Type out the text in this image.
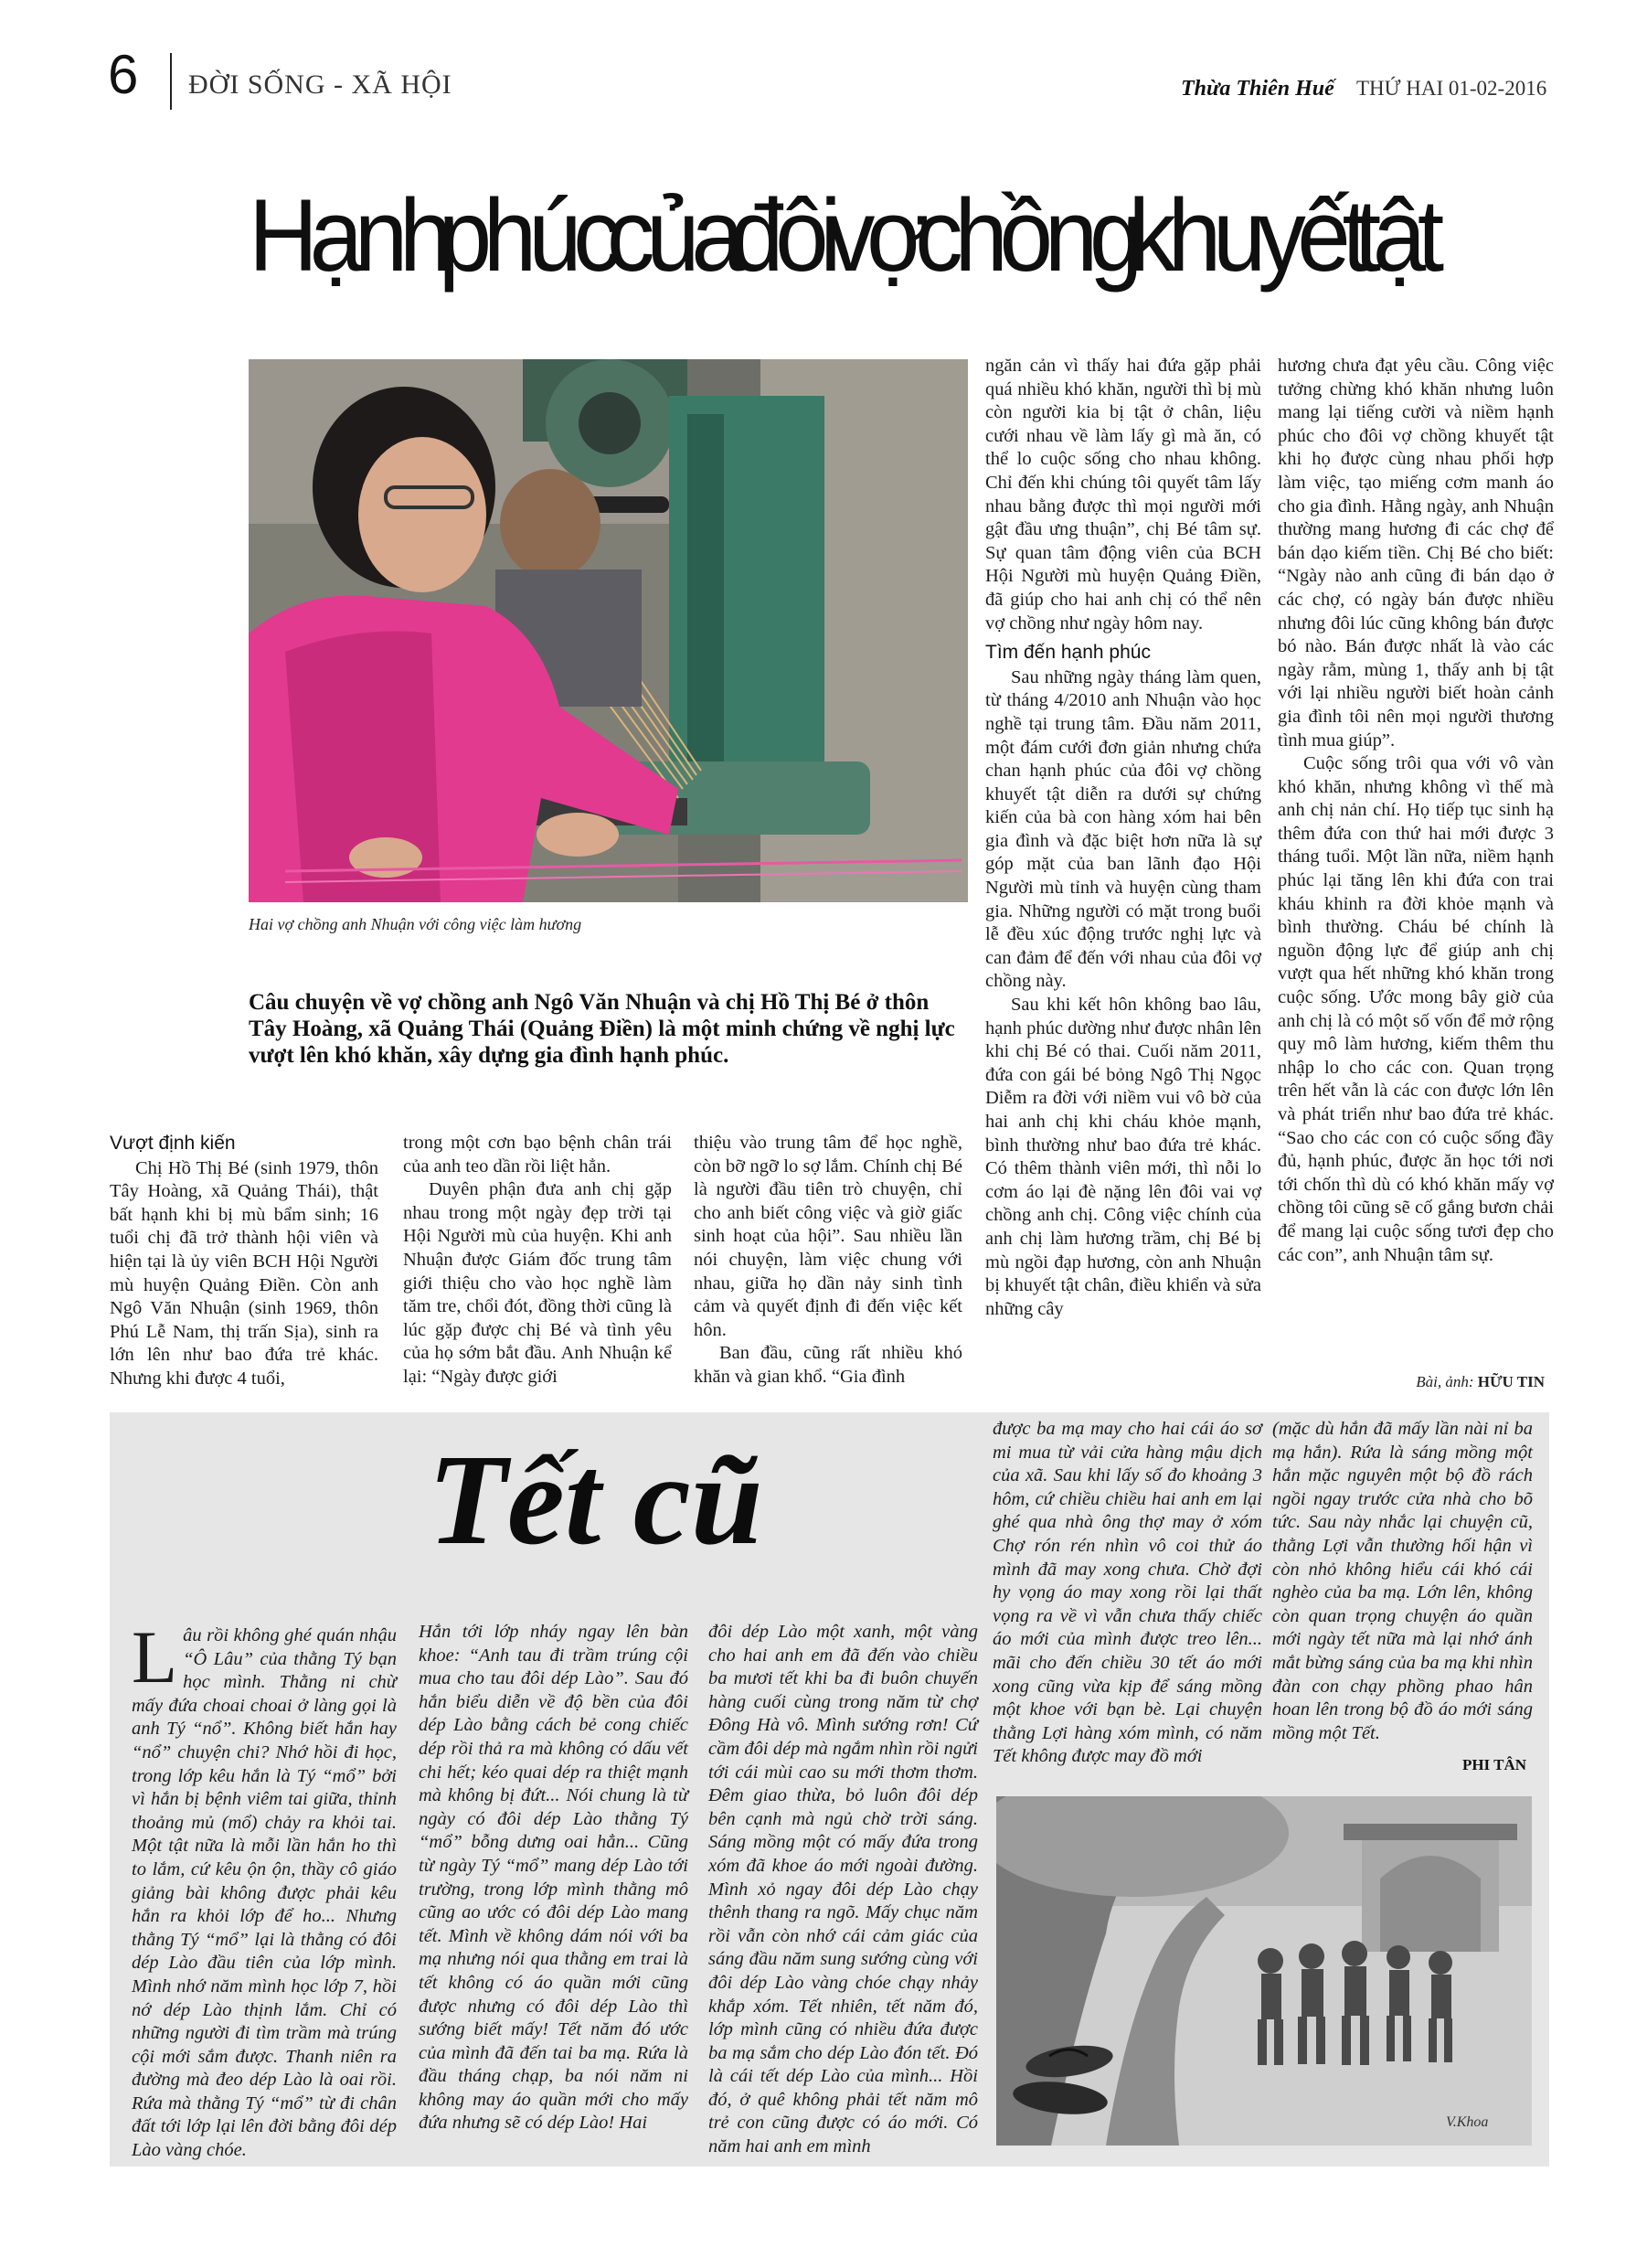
6 ĐỜI SỐNG - XÃ HỘI	Thừa Thiên Huế THỨ HAI 01-02-2016
Hạnh phúc của đôi vợ chồng khuyết tật
Hai vợ chồng anh Nhuận với công việc làm hương
Câu chuyện về vợ chồng anh Ngô Văn Nhuận và chị Hồ Thị Bé ở thôn Tây Hoàng, xã Quảng Thái (Quảng Điền) là một minh chứng về nghị lực vượt lên khó khăn, xây dựng gia đình hạnh phúc.
Vượt định kiến

Chị Hồ Thị Bé (sinh 1979, thôn Tây Hoàng, xã Quảng Thái), thật bất hạnh khi bị mù bẩm sinh; 16 tuổi chị đã trở thành hội viên và hiện tại là ủy viên BCH Hội Người mù huyện Quảng Điền. Còn anh Ngô Văn Nhuận (sinh 1969, thôn Phú Lễ Nam, thị trấn Sịa), sinh ra lớn lên như bao đứa trẻ khác. Nhưng khi được 4 tuổi,

trong một cơn bạo bệnh chân trái của anh teo dần rồi liệt hẳn.

Duyên phận đưa anh chị gặp nhau trong một ngày đẹp trời tại Hội Người mù của huyện. Khi anh Nhuận được Giám đốc trung tâm giới thiệu cho vào học nghề làm tăm tre, chổi đót, đồng thời cũng là lúc gặp được chị Bé và tình yêu của họ sớm bắt đầu. Anh Nhuận kể lại: “Ngày được giới

thiệu vào trung tâm để học nghề, còn bỡ ngỡ lo sợ lắm. Chính chị Bé là người đầu tiên trò chuyện, chỉ cho anh biết công việc và giờ giấc sinh hoạt của hội”. Sau nhiều lần nói chuyện, làm việc chung với nhau, giữa họ dần nảy sinh tình cảm và quyết định đi đến việc kết hôn.

Ban đầu, cũng rất nhiều khó khăn và gian khổ. “Gia đình

ngăn cản vì thấy hai đứa gặp phải quá nhiều khó khăn, người thì bị mù còn người kia bị tật ở chân, liệu cưới nhau về làm lấy gì mà ăn, có thể lo cuộc sống cho nhau không. Chỉ đến khi chúng tôi quyết tâm lấy nhau bằng được thì mọi người mới gật đầu ưng thuận”, chị Bé tâm sự. Sự quan tâm động viên của BCH Hội Người mù huyện Quảng Điền, đã giúp cho hai anh chị có thể nên vợ chồng như ngày hôm nay.

Tìm đến hạnh phúc

Sau những ngày tháng làm quen, từ tháng 4/2010 anh Nhuận vào học nghề tại trung tâm. Đầu năm 2011, một đám cưới đơn giản nhưng chứa chan hạnh phúc của đôi vợ chồng khuyết tật diễn ra dưới sự chứng kiến của bà con hàng xóm hai bên gia đình và đặc biệt hơn nữa là sự góp mặt của ban lãnh đạo Hội Người mù tỉnh và huyện cùng tham gia. Những người có mặt trong buổi lễ đều xúc động trước nghị lực và can đảm để đến với nhau của đôi vợ chồng này.

Sau khi kết hôn không bao lâu, hạnh phúc dường như được nhân lên khi chị Bé có thai. Cuối năm 2011, đứa con gái bé bỏng Ngô Thị Ngọc Diễm ra đời với niềm vui vô bờ của hai anh chị khi cháu khỏe mạnh, bình thường như bao đứa trẻ khác. Có thêm thành viên mới, thì nỗi lo cơm áo lại đè nặng lên đôi vai vợ chồng anh chị. Công việc chính của anh chị làm hương trầm, chị Bé bị mù ngồi đạp hương, còn anh Nhuận bị khuyết tật chân, điều khiển và sửa những cây

hương chưa đạt yêu cầu. Công việc tưởng chừng khó khăn nhưng luôn mang lại tiếng cười và niềm hạnh phúc cho đôi vợ chồng khuyết tật khi họ được cùng nhau phối hợp làm việc, tạo miếng cơm manh áo cho gia đình. Hằng ngày, anh Nhuận thường mang hương đi các chợ để bán dạo kiếm tiền. Chị Bé cho biết: “Ngày nào anh cũng đi bán dạo ở các chợ, có ngày bán được nhiều nhưng đôi lúc cũng không bán được bó nào. Bán được nhất là vào các ngày rằm, mùng 1, thấy anh bị tật với lại nhiều người biết hoàn cảnh gia đình tôi nên mọi người thương tình mua giúp”.

Cuộc sống trôi qua với vô vàn khó khăn, nhưng không vì thế mà anh chị nản chí. Họ tiếp tục sinh hạ thêm đứa con thứ hai mới được 3 tháng tuổi. Một lần nữa, niềm hạnh phúc lại tăng lên khi đứa con trai kháu khỉnh ra đời khỏe mạnh và bình thường. Cháu bé chính là nguồn động lực để giúp anh chị vượt qua hết những khó khăn trong cuộc sống. Ước mong bây giờ của anh chị là có một số vốn để mở rộng quy mô làm hương, kiếm thêm thu nhập lo cho các con. Quan trọng trên hết vẫn là các con được lớn lên và phát triển như bao đứa trẻ khác. “Sao cho các con có cuộc sống đầy đủ, hạnh phúc, được ăn học tới nơi tới chốn thì dù có khó khăn mấy vợ chồng tôi cũng sẽ cố gắng bươn chải để mang lại cuộc sống tươi đẹp cho các con”, anh Nhuận tâm sự.

Bài, ảnh: HỮU TIN
Tết cũ

Lâu rồi không ghé quán nhậu “Ô Lâu” của thằng Tý bạn học mình. Thằng ni chừ mấy đứa choai choai ở làng gọi là anh Tý “nổ”. Không biết hắn hay “nổ” chuyện chi? Nhớ hồi đi học, trong lớp kêu hắn là Tý “mổ” bởi vì hắn bị bệnh viêm tai giữa, thỉnh thoảng mủ (mổ) chảy ra khỏi tai. Một tật nữa là mỗi lần hắn ho thì to lắm, cứ kêu ộn ộn, thầy cô giáo giảng bài không được phải kêu hắn ra khỏi lớp để ho... Nhưng thằng Tý “mổ” lại là thằng có đôi dép Lào đầu tiên của lớp mình. Mình nhớ năm mình học lớp 7, hồi nớ dép Lào thịnh lắm. Chỉ có những người đi tìm trầm mà trúng cội mới sắm được. Thanh niên ra đường mà đeo dép Lào là oai rồi. Rứa mà thằng Tý “mổ” từ đi chân đất tới lớp lại lên đời bằng đôi dép Lào vàng chóe.

Hắn tới lớp nháy ngay lên bàn khoe: “Anh tau đi trầm trúng cội mua cho tau đôi dép Lào”. Sau đó hắn biểu diễn về độ bền của đôi dép Lào bằng cách bẻ cong chiếc dép rồi thả ra mà không có dấu vết chi hết; kéo quai dép ra thiệt mạnh mà không bị đứt... Nói chung là từ ngày có đôi dép Lào thằng Tý “mổ” bỗng dưng oai hẳn... Cũng từ ngày Tý “mổ” mang dép Lào tới trường, trong lớp mình thằng mô cũng ao ước có đôi dép Lào mang tết. Mình về không dám nói với ba mạ nhưng nói qua thằng em trai là tết không có áo quần mới cũng được nhưng có đôi dép Lào thì sướng biết mấy! Tết năm đó ước của mình đã đến tai ba mạ. Rứa là đầu tháng chạp, ba nói năm ni không may áo quần mới cho mấy đứa nhưng sẽ có dép Lào! Hai

đôi dép Lào một xanh, một vàng cho hai anh em đã đến vào chiều ba mươi tết khi ba đi buôn chuyến hàng cuối cùng trong năm từ chợ Đông Hà vô. Mình sướng rơn! Cứ cầm đôi dép mà ngắm nhìn rồi ngửi tới cái mùi cao su mới thơm thơm. Đêm giao thừa, bỏ luôn đôi dép bên cạnh mà ngủ chờ trời sáng. Sáng mồng một có mấy đứa trong xóm đã khoe áo mới ngoài đường. Mình xỏ ngay đôi dép Lào chạy thênh thang ra ngõ. Mấy chục năm rồi vẫn còn nhớ cái cảm giác của sáng đầu năm sung sướng cùng với đôi dép Lào vàng chóe chạy nhảy khắp xóm. Tết nhiên, tết năm đó, lớp mình cũng có nhiều đứa được ba mạ sắm cho dép Lào đón tết. Đó là cái tết dép Lào của mình... Hồi đó, ở quê không phải tết năm mô trẻ con cũng được có áo mới. Có năm hai anh em mình

được ba mạ may cho hai cái áo sơ mi mua từ vải cửa hàng mậu dịch của xã. Sau khi lấy số đo khoảng 3 hôm, cứ chiều chiều hai anh em lại ghé qua nhà ông thợ may ở xóm Chợ rón rén nhìn vô coi thử áo mình đã may xong chưa. Chờ đợi hy vọng áo may xong rồi lại thất vọng ra về vì vẫn chưa thấy chiếc áo mới của mình được treo lên... mãi cho đến chiều 30 tết áo mới xong cũng vừa kịp để sáng mồng một khoe với bạn bè. Lại chuyện thằng Lợi hàng xóm mình, có năm Tết không được may đồ mới

(mặc dù hắn đã mấy lần nài nỉ ba mạ hắn). Rứa là sáng mồng một hắn mặc nguyên một bộ đồ rách ngồi ngay trước cửa nhà cho bõ tức. Sau này nhắc lại chuyện cũ, thằng Lợi vẫn thường hối hận vì còn nhỏ không hiểu cái khó cái nghèo của ba mạ. Lớn lên, không còn quan trọng chuyện áo quần mới ngày tết nữa mà lại nhớ ánh mắt bừng sáng của ba mạ khi nhìn đàn con chạy phồng phao hân hoan lên trong bộ đồ áo mới sáng mồng một Tết.

PHI TÂN
V.Khoa
